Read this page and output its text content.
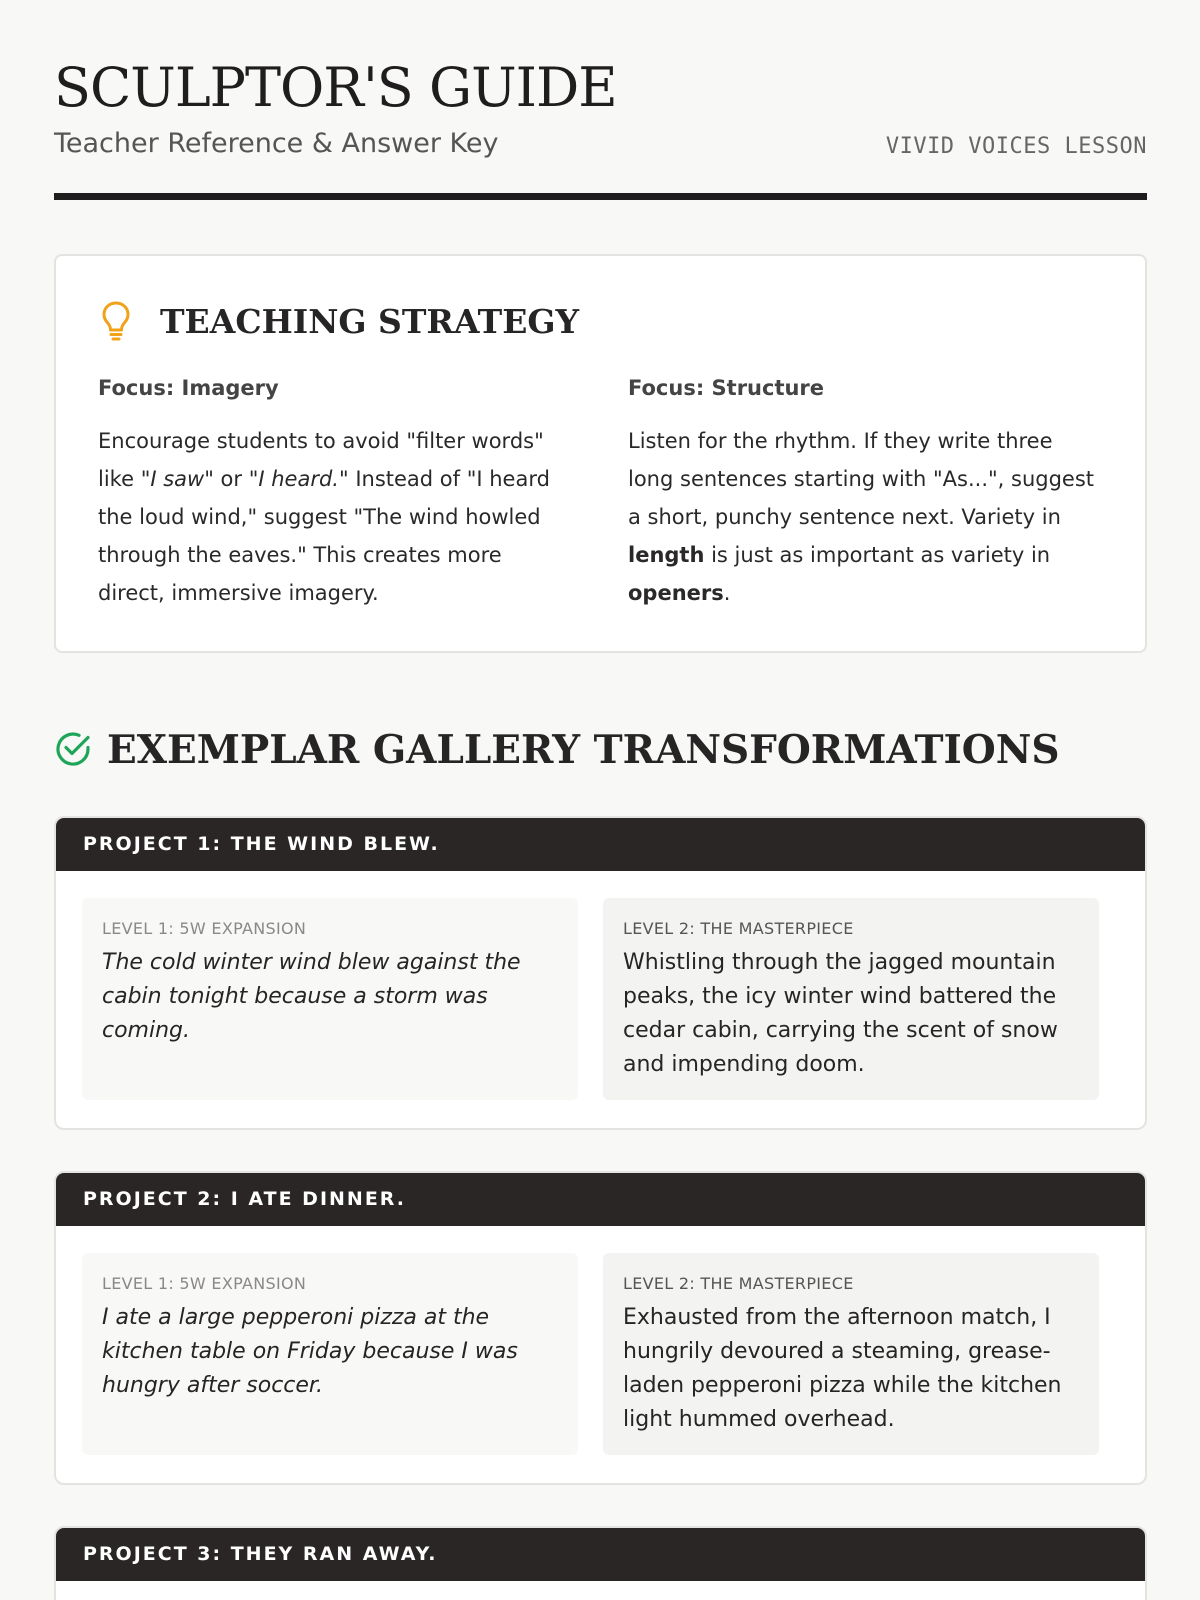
SCULPTOR'S GUIDE
Teacher Reference & Answer Key	VIVID VOICES LESSON
TEACHING STRATEGY
Focus: Imagery

Encourage students to avoid "filter words" like "I saw" or "I heard." Instead of "I heard the loud wind," suggest "The wind howled through the eaves." This creates more direct, immersive imagery.

Focus: Structure

Listen for the rhythm. If they write three long sentences starting with "As...", suggest a short, punchy sentence next. Variety in length is just as important as variety in openers.

EXEMPLAR GALLERY TRANSFORMATIONS
PROJECT 1: THE WIND BLEW.
LEVEL 1: 5W EXPANSION
The cold winter wind blew against the cabin tonight because a storm was coming.
LEVEL 2: THE MASTERPIECE
Whistling through the jagged mountain peaks, the icy winter wind battered the cedar cabin, carrying the scent of snow and impending doom.
PROJECT 2: I ATE DINNER.
LEVEL 1: 5W EXPANSION
I ate a large pepperoni pizza at the kitchen table on Friday because I was hungry after soccer.
LEVEL 2: THE MASTERPIECE
Exhausted from the afternoon match, I hungrily devoured a steaming, grease-laden pepperoni pizza while the kitchen light hummed overhead.
PROJECT 3: THEY RAN AWAY.
